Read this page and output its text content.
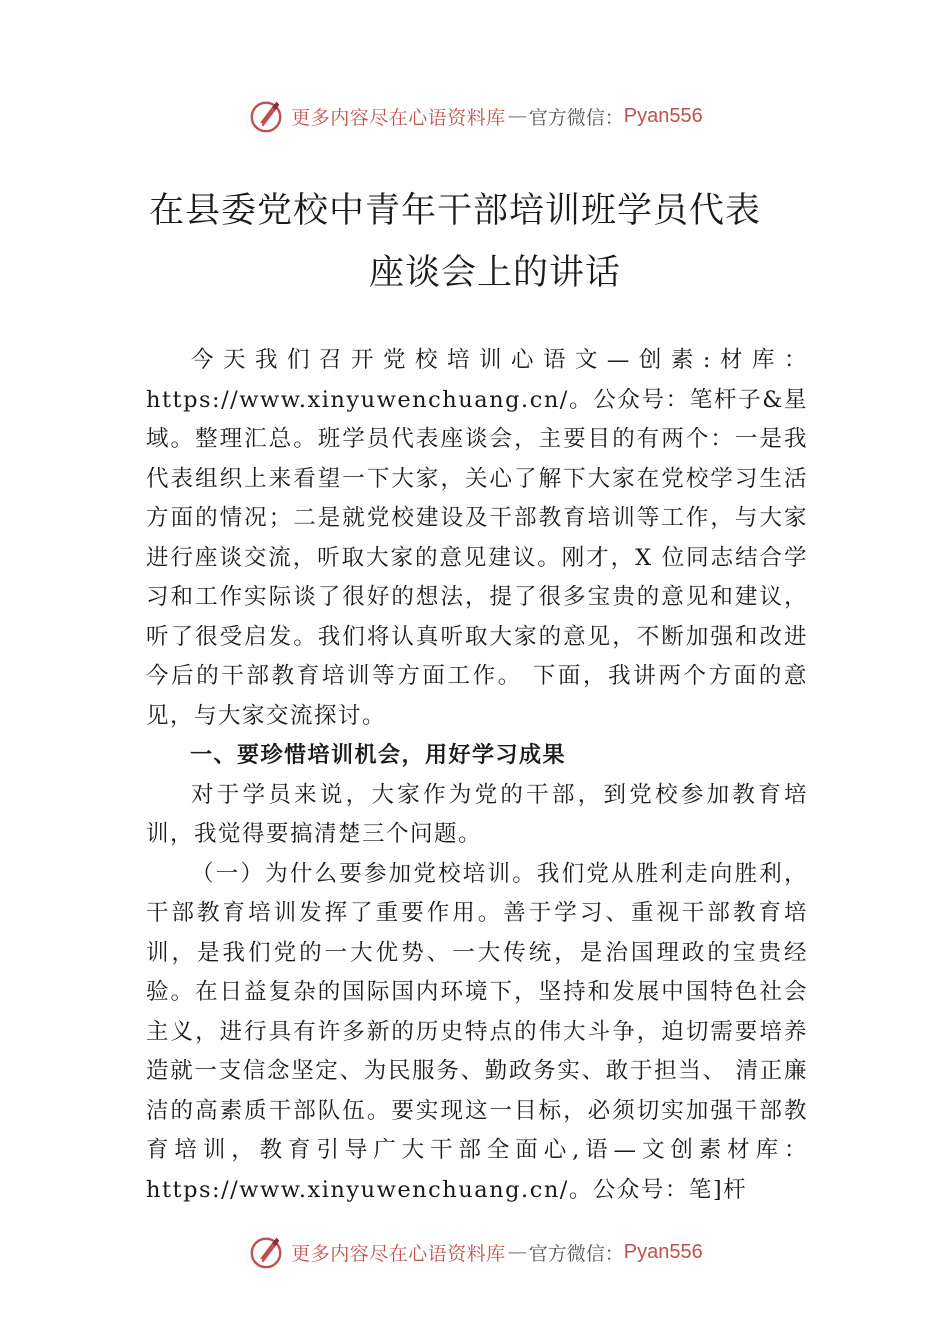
更多内容尽在心语资料库 — 官方微信： Pyan556
在县委党校中青年干部培训班学员代表
座谈会上的讲话

今天我们召开党校培训心语文—创素:材库：https://www.xinyuwenchuang.cn/。公众号：笔杆子&星域。整理汇总。班学员代表座谈会，主要目的有两个：一是我代表组织上来看望一下大家，关心了解下大家在党校学习生活方面的情况；二是就党校建设及干部教育培训等工作，与大家进行座谈交流，听取大家的意见建议。刚才，X 位同志结合学习和工作实际谈了很好的想法，提了很多宝贵的意见和建议，听了很受启发。我们将认真听取大家的意见，不断加强和改进今后的干部教育培训等方面工作。 下面，我讲两个方面的意见，与大家交流探讨。

一、要珍惜培训机会，用好学习成果

对于学员来说，大家作为党的干部，到党校参加教育培训，我觉得要搞清楚三个问题。

（一）为什么要参加党校培训。我们党从胜利走向胜利， 干部教育培训发挥了重要作用。善于学习、重视干部教育培训，是我们党的一大优势、一大传统，是治国理政的宝贵经验。在日益复杂的国际国内环境下，坚持和发展中国特色社会主义，进行具有许多新的历史特点的伟大斗争，迫切需要培养造就一支信念坚定、为民服务、勤政务实、敢于担当、 清正廉洁的高素质干部队伍。要实现这一目标，必须切实加强干部教育培训，教育引导广大干部全面心,语—文创素材库：https://www.xinyuwenchuang.cn/。公众号：笔]杆

更多内容尽在心语资料库 — 官方微信： Pyan556
